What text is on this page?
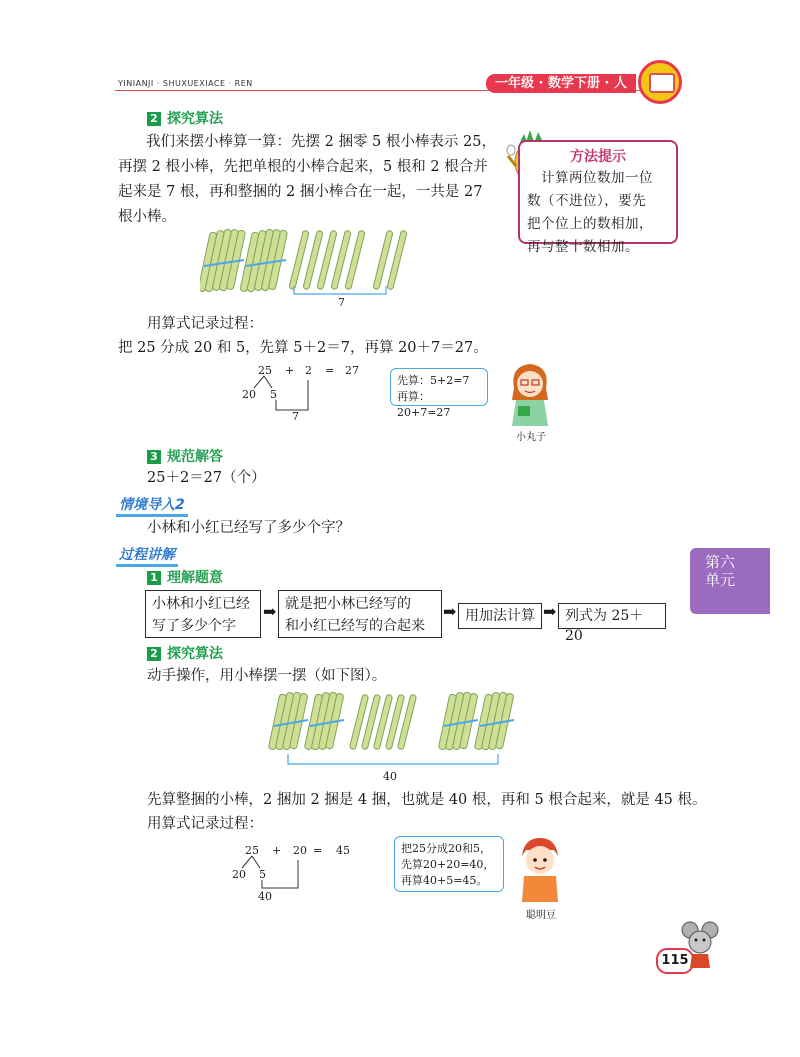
YINIANJI · SHUXUEXIACE · REN	一年级 · 数学下册 · 人
2 探究算法
我们来摆小棒算一算：先摆 2 捆零 5 根小棒表示 25，
再摆 2 根小棒，先把单根的小棒合起来，5 根和 2 根合并
起来是 7 根，再和整捆的 2 捆小棒合在一起，一共是 27
根小棒。
方法提示
计算两位数加一位
数（不进位），要先
把个位上的数相加，
再与整十数相加。
7
用算式记录过程：
把 25 分成 20 和 5，先算 5＋2＝7，再算 20＋7＝27。
25 + 2 = 27
20 5
7
先算：5+2=7
再算：20+7=27
小丸子
3 规范解答
25＋2＝27（个）
情境导入2
小林和小红已经写了多少个字？
过程讲解
1 理解题意
小林和小红已经
写了多少个字
➡ 就是把小林已经写的
和小红已经写的合起来
➡ 用加法计算 ➡ 列式为 25＋20
2 探究算法
动手操作，用小棒摆一摆（如下图）。
40
先算整捆的小棒，2 捆加 2 捆是 4 捆，也就是 40 根，再和 5 根合起来，就是 45 根。
用算式记录过程：
25 + 20 = 45
20 5
40
把25分成20和5，
先算20+20=40，
再算40+5=45。
聪明豆
第六
单元
115
